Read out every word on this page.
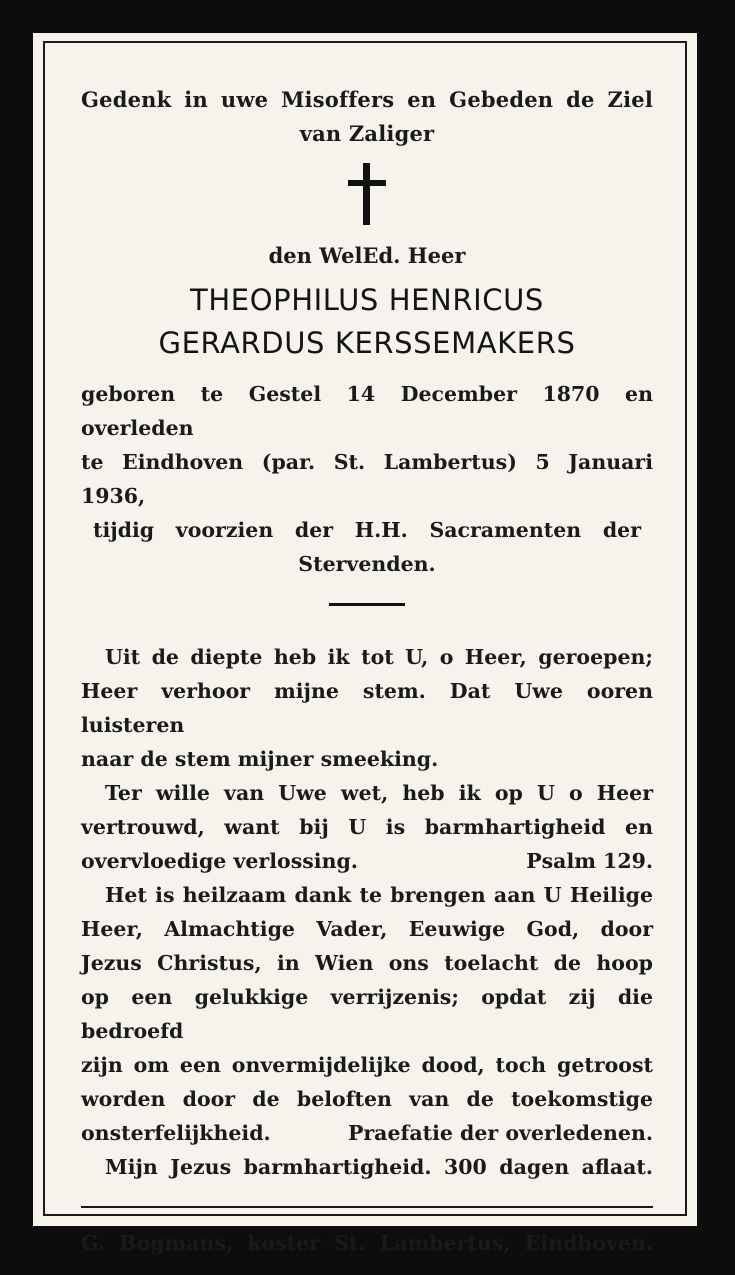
Gedenk in uwe Misoffers en Gebeden de Ziel
van Zaliger
den WelEd. Heer
THEOPHILUS HENRICUS
GERARDUS KERSSEMAKERS
geboren te Gestel 14 December 1870 en overleden
te Eindhoven (par. St. Lambertus) 5 Januari 1936,
tijdig voorzien der H.H. Sacramenten der
Stervenden.
Uit de diepte heb ik tot U, o Heer, geroepen;
Heer verhoor mijne stem. Dat Uwe ooren luisteren
naar de stem mijner smeeking.
Ter wille van Uwe wet, heb ik op U o Heer
vertrouwd, want bij U is barmhartigheid en
overvloedige verlossing.	Psalm 129.
Het is heilzaam dank te brengen aan U Heilige
Heer, Almachtige Vader, Eeuwige God, door
Jezus Christus, in Wien ons toelacht de hoop
op een gelukkige verrijzenis; opdat zij die bedroefd
zijn om een onvermijdelijke dood, toch getroost
worden door de beloften van de toekomstige
onsterfelijkheid.	Praefatie der overledenen.
Mijn Jezus barmhartigheid. 300 dagen aflaat.
G. Bogmans, koster St. Lambertus, Eindhoven.
